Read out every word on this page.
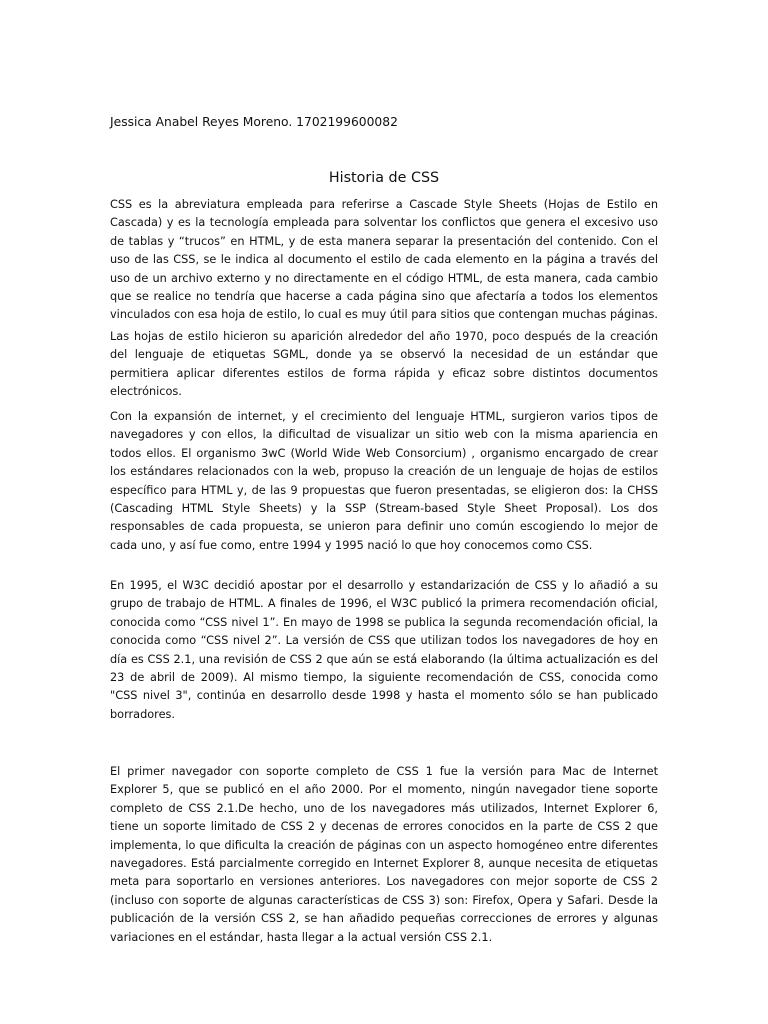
Jessica Anabel Reyes Moreno. 1702199600082
Historia de CSS

CSS es la abreviatura empleada para referirse a Cascade Style Sheets (Hojas de Estilo en Cascada) y es la tecnología empleada para solventar los conflictos que genera el excesivo uso de tablas y “trucos” en HTML, y de esta manera separar la presentación del contenido. Con el uso de las CSS, se le indica al documento el estilo de cada elemento en la página a través del uso de un archivo externo y no directamente en el código HTML, de esta manera, cada cambio que se realice no tendría que hacerse a cada página sino que afectaría a todos los elementos vinculados con esa hoja de estilo, lo cual es muy útil para sitios que contengan muchas páginas.

Las hojas de estilo hicieron su aparición alrededor del año 1970, poco después de la creación del lenguaje de etiquetas SGML, donde ya se observó la necesidad de un estándar que permitiera aplicar diferentes estilos de forma rápida y eficaz sobre distintos documentos electrónicos.

Con la expansión de internet, y el crecimiento del lenguaje HTML, surgieron varios tipos de navegadores y con ellos, la dificultad de visualizar un sitio web con la misma apariencia en todos ellos. El organismo 3wC (World Wide Web Consorcium) , organismo encargado de crear los estándares relacionados con la web, propuso la creación de un lenguaje de hojas de estilos específico para HTML y, de las 9 propuestas que fueron presentadas, se eligieron dos: la CHSS (Cascading HTML Style Sheets) y la SSP (Stream-based Style Sheet Proposal). Los dos responsables de cada propuesta, se unieron para definir uno común escogiendo lo mejor de cada uno, y así fue como, entre 1994 y 1995 nació lo que hoy conocemos como CSS.

En 1995, el W3C decidió apostar por el desarrollo y estandarización de CSS y lo añadió a su grupo de trabajo de HTML. A finales de 1996, el W3C publicó la primera recomendación oficial, conocida como “CSS nivel 1”. En mayo de 1998 se publica la segunda recomendación oficial, la conocida como “CSS nivel 2”. La versión de CSS que utilizan todos los navegadores de hoy en día es CSS 2.1, una revisión de CSS 2 que aún se está elaborando (la última actualización es del 23 de abril de 2009). Al mismo tiempo, la siguiente recomendación de CSS, conocida como "CSS nivel 3", continúa en desarrollo desde 1998 y hasta el momento sólo se han publicado borradores.

El primer navegador con soporte completo de CSS 1 fue la versión para Mac de Internet Explorer 5, que se publicó en el año 2000. Por el momento, ningún navegador tiene soporte completo de CSS 2.1.De hecho, uno de los navegadores más utilizados, Internet Explorer 6, tiene un soporte limitado de CSS 2 y decenas de errores conocidos en la parte de CSS 2 que implementa, lo que dificulta la creación de páginas con un aspecto homogéneo entre diferentes navegadores. Está parcialmente corregido en Internet Explorer 8, aunque necesita de etiquetas meta para soportarlo en versiones anteriores. Los navegadores con mejor soporte de CSS 2 (incluso con soporte de algunas características de CSS 3) son: Firefox, Opera y Safari. Desde la publicación de la versión CSS 2, se han añadido pequeñas correcciones de errores y algunas variaciones en el estándar, hasta llegar a la actual versión CSS 2.1.
